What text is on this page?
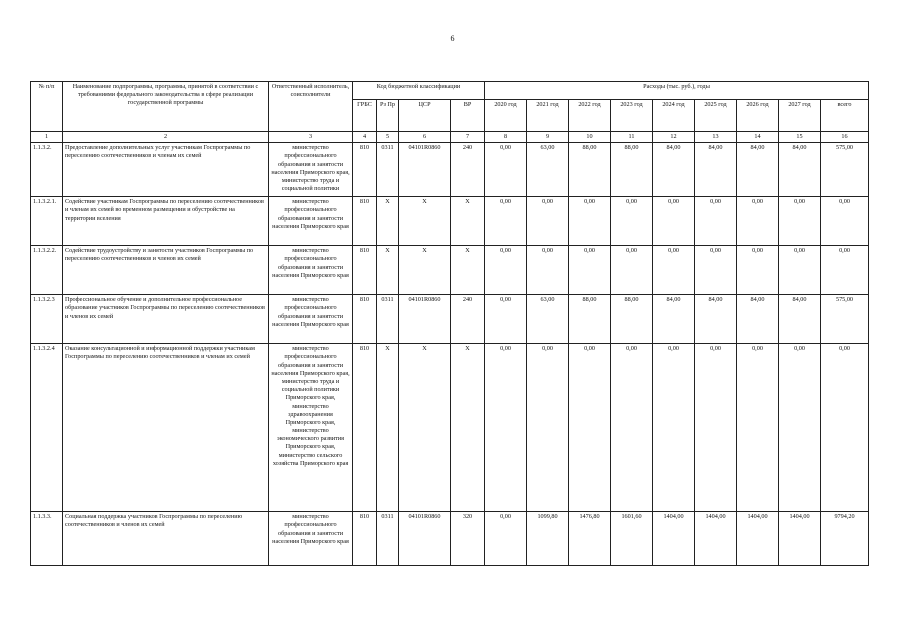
6
№ п/п	Наименование подпрограммы, программы, принятой в соответствии с требованиями федерального законодательства в сфере реализации государственной программы	Ответственный исполнитель, соисполнители	Код бюджетной классификации				Расходы (тыс. руб.), годы								
			ГРБС	Рз Пр	ЦСР	ВР	2020 год	2021 год	2022 год	2023 год	2024 год	2025 год	2026 год	2027 год	всего
1	2	3	4	5	6	7	8	9	10	11	12	13	14	15	16
1.1.3.2.	Предоставление дополнительных услуг участникам Госпрограммы по переселению соотечественников и членам их семей	министерство профессионального образования и занятости населения Приморского края, министерство труда и социальной политики	810	0311	04101R0860	240	0,00	63,00	88,00	88,00	84,00	84,00	84,00	84,00	575,00
1.1.3.2.1.	Содействие участникам Госпрограммы по переселению соотечественников и членам их семей во временном размещении и обустройстве на территории вселения	министерство профессионального образования и занятости населения Приморского края	810	X	X	X	0,00	0,00	0,00	0,00	0,00	0,00	0,00	0,00	0,00
1.1.3.2.2.	Содействие трудоустройству и занятости участников Госпрограммы по переселению соотечественников и членов их семей	министерство профессионального образования и занятости населения Приморского края	810	X	X	X	0,00	0,00	0,00	0,00	0,00	0,00	0,00	0,00	0,00
1.1.3.2.3	Профессиональное обучение и дополнительное профессиональное образование участников Госпрограммы по переселению соотечественников и членов их семей	министерство профессионального образования и занятости населения Приморского края	810	0311	04101R0860	240	0,00	63,00	88,00	88,00	84,00	84,00	84,00	84,00	575,00
1.1.3.2.4	Оказание консультационной и информационной поддержки участникам Госпрограммы по переселению соотечественников и членам их семей	министерство профессионального образования и занятости населения Приморского края, министерство труда и социальной политики Приморского края, министерство здравоохранения Приморского края, министерство экономического развития Приморского края, министерство сельского хозяйства Приморского края	810	X	X	X	0,00	0,00	0,00	0,00	0,00	0,00	0,00	0,00	0,00
1.1.3.3.	Социальная поддержка участников Госпрограммы по переселению соотечественников и членов их семей	министерство профессионального образования и занятости населения Приморского края	810	0311	04101R0860	320	0,00	1099,80	1476,80	1601,60	1404,00	1404,00	1404,00	1404,00	9794,20
